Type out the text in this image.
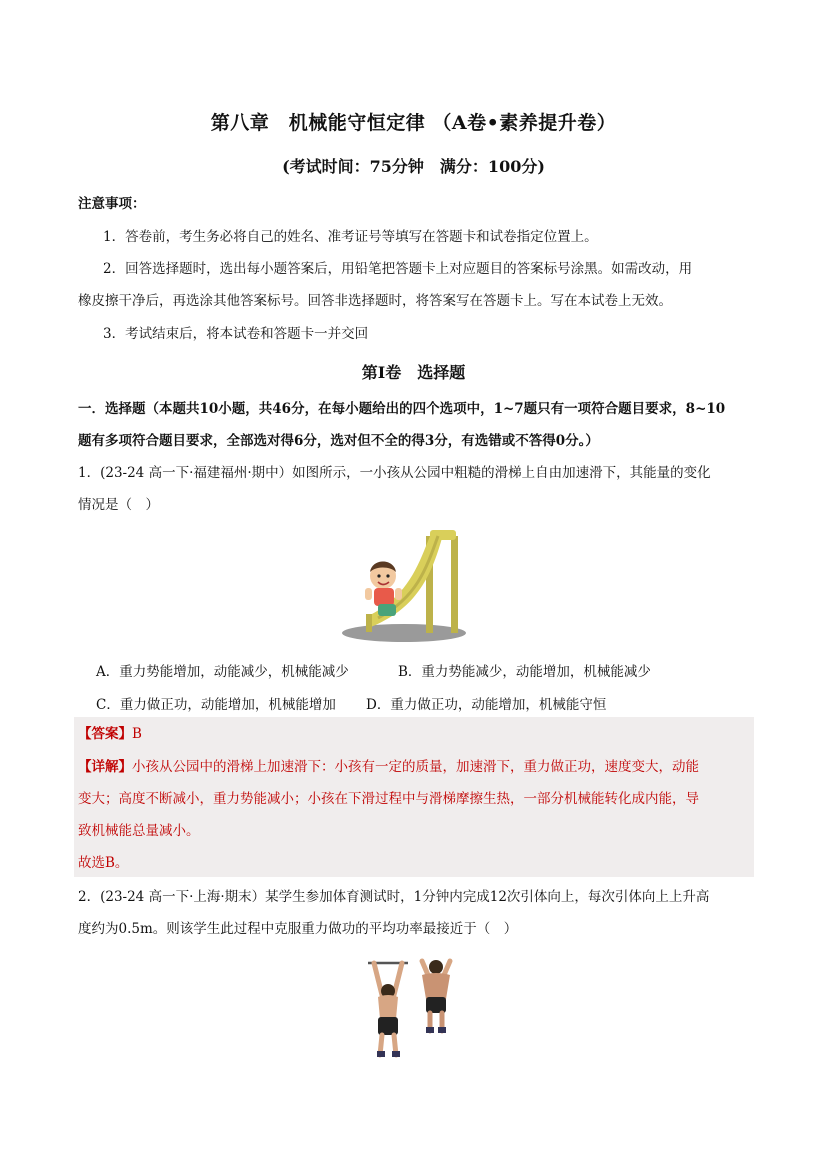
第八章　机械能守恒定律 （A卷•素养提升卷）
(考试时间：75分钟　满分：100分)
注意事项：
1．答卷前，考生务必将自己的姓名、准考证号等填写在答题卡和试卷指定位置上。
2．回答选择题时，选出每小题答案后，用铅笔把答题卡上对应题目的答案标号涂黑。如需改动，用
橡皮擦干净后，再选涂其他答案标号。回答非选择题时，将答案写在答题卡上。写在本试卷上无效。
3．考试结束后，将本试卷和答题卡一并交回
第Ⅰ卷　选择题
一．选择题（本题共10小题，共46分，在每小题给出的四个选项中，1~7题只有一项符合题目要求，8~10
题有多项符合题目要求，全部选对得6分，选对但不全的得3分，有选错或不答得0分。）
1．(23-24 高一下·福建福州·期中）如图所示，一小孩从公园中粗糙的滑梯上自由加速滑下，其能量的变化
情况是（　）
A．重力势能增加，动能减少，机械能减少	B．重力势能减少，动能增加，机械能减少
C．重力做正功，动能增加，机械能增加 D．重力做正功，动能增加，机械能守恒
【答案】B
【详解】小孩从公园中的滑梯上加速滑下：小孩有一定的质量，加速滑下，重力做正功，速度变大，动能
变大；高度不断减小，重力势能减小；小孩在下滑过程中与滑梯摩擦生热，一部分机械能转化成内能，导
致机械能总量减小。
故选B。
2．(23-24 高一下·上海·期末）某学生参加体育测试时，1分钟内完成12次引体向上，每次引体向上上升高
度约为0.5m。则该学生此过程中克服重力做功的平均功率最接近于（　）
